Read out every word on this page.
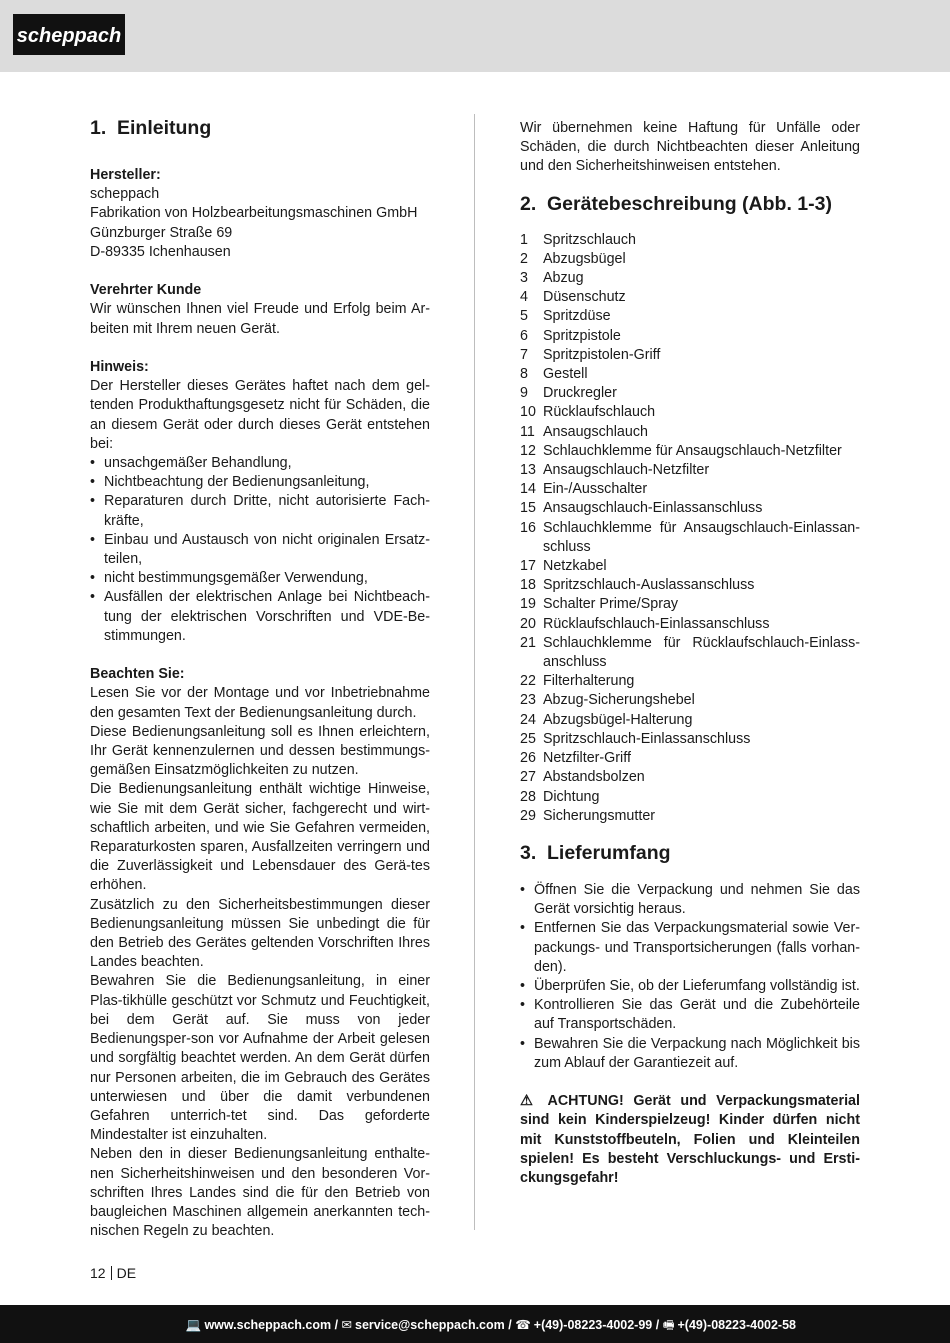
scheppach
1. Einleitung
Hersteller:
scheppach
Fabrikation von Holzbearbeitungsmaschinen GmbH
Günzburger Straße 69
D-89335 Ichenhausen
Verehrter Kunde
Wir wünschen Ihnen viel Freude und Erfolg beim Ar-beiten mit Ihrem neuen Gerät.
Hinweis:
Der Hersteller dieses Gerätes haftet nach dem gel-tenden Produkthaftungsgesetz nicht für Schäden, die an diesem Gerät oder durch dieses Gerät entstehen bei:
• unsachgemäßer Behandlung,
• Nichtbeachtung der Bedienungsanleitung,
• Reparaturen durch Dritte, nicht autorisierte Fach-kräfte,
• Einbau und Austausch von nicht originalen Ersatz-teilen,
• nicht bestimmungsgemäßer Verwendung,
• Ausfällen der elektrischen Anlage bei Nichtbeach-tung der elektrischen Vorschriften und VDE-Be-stimmungen.
Beachten Sie:
Lesen Sie vor der Montage und vor Inbetriebnahme den gesamten Text der Bedienungsanleitung durch.
Diese Bedienungsanleitung soll es Ihnen erleichtern, Ihr Gerät kennenzulernen und dessen bestimmungs-gemäßen Einsatzmöglichkeiten zu nutzen.
Die Bedienungsanleitung enthält wichtige Hinweise, wie Sie mit dem Gerät sicher, fachgerecht und wirt-schaftlich arbeiten, und wie Sie Gefahren vermeiden, Reparaturkosten sparen, Ausfallzeiten verringern und die Zuverlässigkeit und Lebensdauer des Gerä-tes erhöhen.
Zusätzlich zu den Sicherheitsbestimmungen dieser Bedienungsanleitung müssen Sie unbedingt die für den Betrieb des Gerätes geltenden Vorschriften Ihres Landes beachten.
Bewahren Sie die Bedienungsanleitung, in einer Plas-tikhülle geschützt vor Schmutz und Feuchtigkeit, bei dem Gerät auf. Sie muss von jeder Bedienungsper-son vor Aufnahme der Arbeit gelesen und sorgfältig beachtet werden. An dem Gerät dürfen nur Personen arbeiten, die im Gebrauch des Gerätes unterwiesen und über die damit verbundenen Gefahren unterrich-tet sind. Das geforderte Mindestalter ist einzuhalten.
Neben den in dieser Bedienungsanleitung enthalte-nen Sicherheitshinweisen und den besonderen Vor-schriften Ihres Landes sind die für den Betrieb von baugleichen Maschinen allgemein anerkannten tech-nischen Regeln zu beachten.
Wir übernehmen keine Haftung für Unfälle oder Schäden, die durch Nichtbeachten dieser Anleitung und den Sicherheitshinweisen entstehen.
2. Gerätebeschreibung (Abb. 1-3)
1 Spritzschlauch
2 Abzugsbügel
3 Abzug
4 Düsenschutz
5 Spritzdüse
6 Spritzpistole
7 Spritzpistolen-Griff
8 Gestell
9 Druckregler
10 Rücklaufschlauch
11 Ansaugschlauch
12 Schlauchklemme für Ansaugschlauch-Netzfilter
13 Ansaugschlauch-Netzfilter
14 Ein-/Ausschalter
15 Ansaugschlauch-Einlassanschluss
16 Schlauchklemme für Ansaugschlauch-Einlassan-schluss
17 Netzkabel
18 Spritzschlauch-Auslassanschluss
19 Schalter Prime/Spray
20 Rücklaufschlauch-Einlassanschluss
21 Schlauchklemme für Rücklaufschlauch-Einlass-anschluss
22 Filterhalterung
23 Abzug-Sicherungshebel
24 Abzugsbügel-Halterung
25 Spritzschlauch-Einlassanschluss
26 Netzfilter-Griff
27 Abstandsbolzen
28 Dichtung
29 Sicherungsmutter
3. Lieferumfang
• Öffnen Sie die Verpackung und nehmen Sie das Gerät vorsichtig heraus.
• Entfernen Sie das Verpackungsmaterial sowie Ver-packungs- und Transportsicherungen (falls vorhan-den).
• Überprüfen Sie, ob der Lieferumfang vollständig ist.
• Kontrollieren Sie das Gerät und die Zubehörteile auf Transportschäden.
• Bewahren Sie die Verpackung nach Möglichkeit bis zum Ablauf der Garantiezeit auf.
⚠ ACHTUNG! Gerät und Verpackungsmaterial sind kein Kinderspielzeug! Kinder dürfen nicht mit Kunststoffbeuteln, Folien und Kleinteilen spielen! Es besteht Verschluckungs- und Ersti-ckungsgefahr!
12 DE
💻 www.scheppach.com / ✉ service@scheppach.com / ☎ +(49)-08223-4002-99 / 🖷 +(49)-08223-4002-58
